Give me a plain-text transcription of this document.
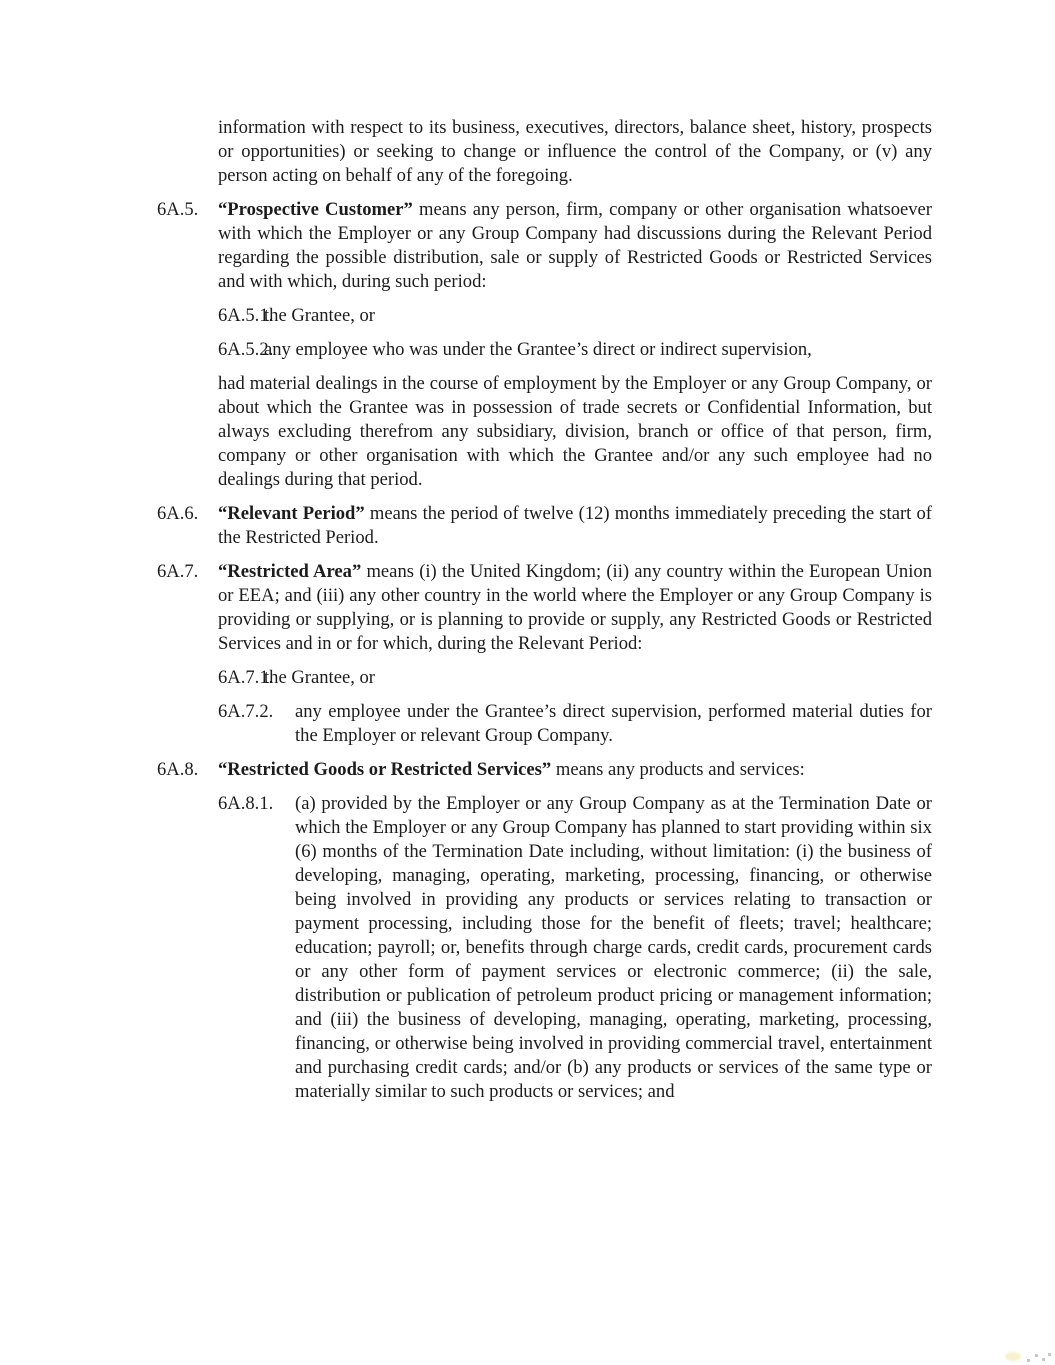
information with respect to its business, executives, directors, balance sheet, history, prospects or opportunities) or seeking to change or influence the control of the Company, or (v) any person acting on behalf of any of the foregoing.
6A.5. “Prospective Customer” means any person, firm, company or other organisation whatsoever with which the Employer or any Group Company had discussions during the Relevant Period regarding the possible distribution, sale or supply of Restricted Goods or Restricted Services and with which, during such period:
6A.5.1.
the Grantee, or
6A.5.2.
any employee who was under the Grantee’s direct or indirect supervision,
had material dealings in the course of employment by the Employer or any Group Company, or about which the Grantee was in possession of trade secrets or Confidential Information, but always excluding therefrom any subsidiary, division, branch or office of that person, firm, company or other organisation with which the Grantee and/or any such employee had no dealings during that period.
6A.6. “Relevant Period” means the period of twelve (12) months immediately preceding the start of the Restricted Period.
6A.7. “Restricted Area” means (i) the United Kingdom; (ii) any country within the European Union or EEA; and (iii) any other country in the world where the Employer or any Group Company is providing or supplying, or is planning to provide or supply, any Restricted Goods or Restricted Services and in or for which, during the Relevant Period:
6A.7.1.
the Grantee, or
6A.7.2. any employee under the Grantee’s direct supervision, performed material duties for the Employer or relevant Group Company.
6A.8. “Restricted Goods or Restricted Services” means any products and services:
6A.8.1. (a) provided by the Employer or any Group Company as at the Termination Date or which the Employer or any Group Company has planned to start providing within six (6) months of the Termination Date including, without limitation: (i) the business of developing, managing, operating, marketing, processing, financing, or otherwise being involved in providing any products or services relating to transaction or payment processing, including those for the benefit of fleets; travel; healthcare; education; payroll; or, benefits through charge cards, credit cards, procurement cards or any other form of payment services or electronic commerce; (ii) the sale, distribution or publication of petroleum product pricing or management information; and (iii) the business of developing, managing, operating, marketing, processing, financing, or otherwise being involved in providing commercial travel, entertainment and purchasing credit cards; and/or (b) any products or services of the same type or materially similar to such products or services; and
